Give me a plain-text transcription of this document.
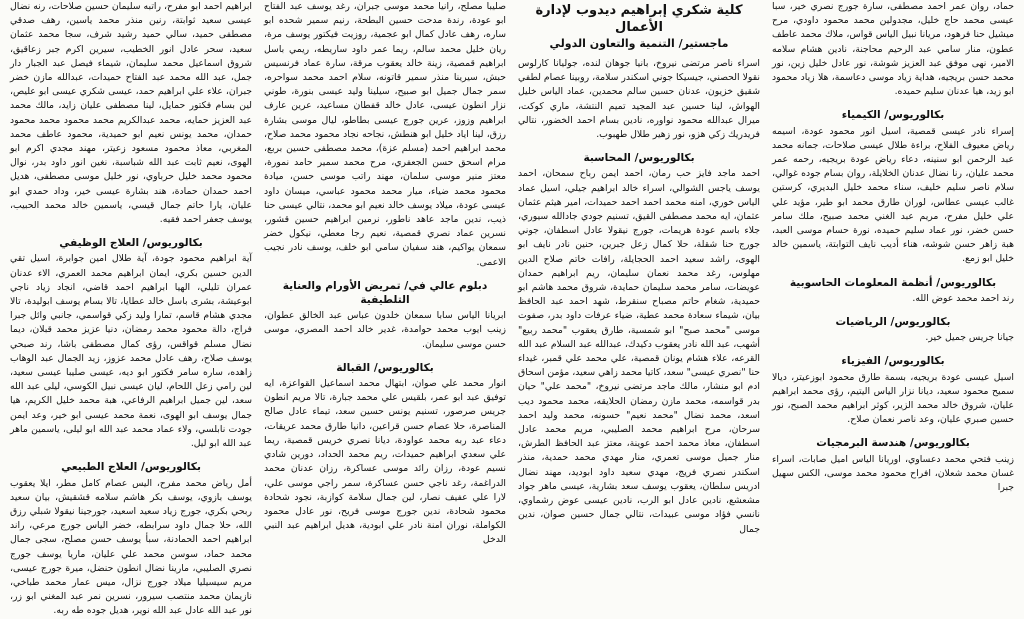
حماد، روان عمر احمد مصطفى، سارة جورج نصري خير، سبا عيسى محمد حاج خليل، مجدولين محمد محمود داودي، مرح ميشيل حنا فرهود، مريانا نبيل الياس قواس، ملاك محمد عاطف عطون، منار سامي عبد الرحيم محاجنة، نادين هشام سلامه الامير، نهى موفق عبد العزيز شوشة، نور عادل خليل زين، نور محمد حسن بريجيه، هداية زياد موسى دعاسمة، هلا زياد محمود ابو زيد، هيا عدنان سليم حميده.
بكالوريوس/ الكيمياء
إسراء نادر عيسى قمصية، اسيل انور محمود عودة، اسيمه رياض معيوف الفلاح، براءة طلال عيسى صلاحات، جمانه محمد عبد الرحمن ابو سنينه، دعاء رياض عودة بريجيه، رحمه عمر محمد عليان، رنا نضال عدنان الخلايلة، روان بسام جوده غوالي، سلام ناصر سليم خليف، سناء محمد خليل البديري، كرستين غالب عيسى عطاس، لوران طارق محمد ابو طير، مؤيد علي علي خليل مفرح، مريم عبد الغني محمد صبيح، ملك سامر حسن خضر، نور عماد سليم حميده، نورة حسام موسى العبد، هبة زاهر حسن شوشه، هناء أديب نايف التوابتة، ياسمين خالد خليل ابو زمع.
بكالوريوس/ أنظمة المعلومات الحاسوبية
رند احمد محمد عوض الله.
بكالوريوس/ الرياضيات
جيانا جريس جميل خير.
بكالوريوس/ الفيزياء
اسيل عيسى عودة بريجيه، بسمة طارق محمود ابوزعيتر، ديالا سميح محمود سعيد، ديانا نزار الياس اليتيم، رؤى محمد ابراهيم عليان، شروق خالد محمد الزير، كوثر ابراهيم محمد الصبح، نور حسين صبري عليان، وعد ناصر نعمان صلاح.
بكالوريوس/ هندسة البرمجيات
زينب فتحي محمد دعساوي، اوريانا الياس اميل صابات، اسراء غسان محمد شعلان، افراح محمود محمد موسى، الكس سهيل جبرا
كلية شكري إبراهيم ديدوب لإدارة الأعمال
ماجستير/ التنمية والتعاون الدولي
اسراء ناصر مرتضى نيروخ، بانيا جوهان لنده، جوليانا كارلوس نقولا الحصني، جيسيكا جوني اسكندر سلامة، روبينا عصام لطفي شقيق خزيون، عدنان حسين سالم محمدين، عماد الياس خليل الهواش، لينا حسين عبد المجيد تميم النتشة، ماري كوكت، ميرال عبدالله محمود نواوره، نادين بسام احمد الخضور، نتالي فريدريك زكي هزو، نور زهير طلال طهبوب.
بكالوريوس/ المحاسبة
احمد ماجد فايز حب رمان، احمد ايمن رباح سمحان، احمد يوسف ياجس الشوالي، اسراء خالد ابراهيم جيلي، اسيل عماد الياس خوري، امنه محمد احمد احمد حميدات، امير هيثم عثمان عثمان، ايه محمد مصطفى القيق، تسنيم جودي جادالله سيوري، جلاء باسم عودة هريمات، جورج نيقولا عادل اسطفان، جوني جورج حنا شقلة، حلا كمال زعل جبرين، حنين نادر نايف ابو الهوى، راشد سعيد احمد الحجايلة، رافات خاتم صلاح الدين مهلوس، رغد محمد نعمان سليمان، ريم ابراهيم حمدان عويضات، سامر محمد سليمان حمايدة، شروق محمد هاشم ابو حميدية، شغام حاتم مصباح سنقرط، شهد احمد عبد الحافظ بيان، شيماء سعادة محمد عطية، ضياء عرفات داود بدر، صفوت موسى "محمد صبح" ابو شمسية، طارق يعقوب "محمد ربيع" أشهب، عبد الله نادر يعقوب دكيدك، عبدالله عبد السلام عبد الله القرعه، علاء هشام يونان قمصية، علي محمد علي قمبر، غيداء حنا "نصري عيسى" سعد، كاتيا محمد زاهي سعيد، مؤمن اسحاق ادم ابو منشار، مالك ماجد مرتضى نيروخ، "محمد علي" حيان بدر قواسمه، محمد مازن رمضان الحلايقه، محمد محمود ديب اسعد، محمد نضال "محمد نعيم" حسونه، محمد وليد احمد سرحان، مرح ابراهيم محمد الصليبي، مريم محمد عادل اسطفان، معاذ محمد احمد عوينة، معتز عبد الحافظ الطرش، منار جميل موسى تعمري، منار مهدي محمد حمدية، منذر اسكندر نصري فريج، مهدي سعيد داود ابوديد، مهند نضال ادريس سلطان، يعقوب يوسف سعد بشارية، عيسى ماهر جواد مشعشع، نادين عادل ابو الرب، نادين عيسى عوض رشماوي، نانسي فؤاد موسى عبيدات، نتالي جمال حسين صوان، ندين جمال
صليبا مصلح، رانيا محمد موسى جبران، رغد يوسف عبد الفتاح ابو عودة، رندة مدحت حسين البطحة، رنيم سمير شحده ابو ساره، رهف عادل كمال ابو عجمية، روزيت فيكتور يوسف مرة، ريان خليل محمد سالم، ريما عمر داود ساريطه، ريمي باسل ابراهيم قمصية، زينة خالد يعقوب مرقة، سارة عماد فرنسيس حبش، سيرينا منذر سمير قاتونه، سلام احمد محمد سواحره، سمر جمال جميل ابو صبيح، سيلينا وليد عيسى بنورة، طوني نزار انطون عيسى، عادل خالد قفطان مساعيد، عرين عارف ابراهيم وزوز، عرين جورج عيسى بطاطو، ليال موسى بشارة رزق، لينا اياد خليل ابو هنطش، نجاحه نجاد محمود محمد صلاح، محمد ابراهيم احمد (مسلم عزة)، محمد مصطفى حسين بربع، مرام اسحق حسن الجعفري، مرح محمد سمير حامد نمورة، معتز منير موسى سلمان، مهند راتب موسى حسن، ميادة محمود محمد ضياء، ميار محمد محمود عباسي، ميسان داود عيسى عودة، ميلاد يوسف خالد نعيم ابو محمد، نتالي عيسى حنا ذيب، ندين ماجد عاهد ناطور، نرمين ابراهيم حسين قشور، نسرين عماد نصري قمصية، نعيم رجا معطي، نيكول خضر سمعان يواكيم، هند سفيان سامي ابو خلف، يوسف نادر نجيب الاعمى.
دبلوم عالي في/ تمريض الأورام والعناية التلطيفية
ابريانا الياس سابا سمعان خلدون عباس عبد الخالق عطوان، زينب ايوب محمد حوامدة، غدير خالد احمد المصري، موسى حسن موسى سليمان.
بكالوريوس/ القبالة
انوار محمد علي صوان، ابتهال محمد اسماعيل القواعزة، ايه توفيق عبد ابو عمر، بلقيس علي محمد جبارة، تالا مريم انطون جريس صرصور، تسنيم يونس حسين سعد، تيماء عادل صالح المناصرة، حلا عصام حسن قراعين، دانيا طارق محمد عريقات، دعاء عبد ربه محمد عواودة، ديانا نصري خريس قمصية، ريما علي سعدي ابراهيم حميدات، ريم محمد الحداد، دورين شادي نسيم عودة، رزان رائد موسى عساكرة، رزان عدنان محمد الدراغمة، رغد ناجي حسن عساكرة، سمر راجي موسى علي، لارا علي عفيف نصار، لين جمال سلامة كوازبة، نجود شحادة محمود شحادة، ندين جورج موسى فريح، نور عادل محمود الكواملة، نوران امنة نادر علي ابودية، هديل ابراهيم عبد النبي الدخل
ابراهيم احمد ابو مفرح، راتبه سليمان حسين صلاحات، رنه نضال عيسى سعيد ثوابتة، رنين منذر محمد ياسين، رهف صدقي مصطفى حميد، سالي حميد رشيد شرف، سجا محمد عثمان سعيد، سحر عادل انور الخطيب، سيرين اكرم جبر زعاقيق، شروق اسماعيل محمد سليمان، شيماء فيصل عبد الجبار دار جمل، عبد الله محمد عبد الفتاح حميدات، عبدالله مازن خضر جبران، علاء علي ابراهيم حمد، عيسى شكري عيسى ابو عليص، لين بسام فكتور حمايل، لينا مصطفى عليان زايد، مالك محمد عبد العزيز حمايه، محمد عبدالكريم محمد محمود محمد محمود حمدان، محمد يونس نعيم ابو حميدية، محمود عاطف محمد المغربي، معاذ محمود مسعود زعيتر، مهند مجدي اكرم ابو الهوى، نعيم ثابت عبد الله شباسبة، نغين انور داود بدر، نوال محمود محمد خليل حرباوي، نور خليل موسى مصطفى، هديل احمد حمدان حمادة، هند بشارة عيسى خير، وداد حمدي ابو عليان، يارا حاتم جمال قيسي، ياسمين خالد محمد الحبيب، يوسف جعفر احمد فقيه.
بكالوريوس/ العلاج الوظيفي
آية ابراهيم محمود جودة، آية طلال امين جوابرة، اسيل تقي الدين حسين بكري، ايمان ابراهيم محمد العمري، الاء عدنان عمران تليلي، الهيا ابراهيم احمد قاضي، انجاد زياد ناجي ابوعيشة، بشرى باسل خالد عطايا، تالا بسام يوسف ابوليدة، تالا مجدي هشام قاسم، تمارا وليد زكي قواسمي، جانبي وائل جبرا فراج، دالة محمود محمد رمضان، دنيا عزيز محمد قبلان، ديما نضال مسلم قواقس، رؤى كمال مصطفى باشا، رند صبحي يوسف صلاح، رهف عادل محمد عزوز، زيد الجمال عبد الوهاب زاهده، ساره سامر فكتور ابو ديه، عيسى صليبا عيسى سعيد، لين رامي زعل اللحام، ليان عيسى نبيل الكوسي، ليلى عبد الله سعد، لين جميل ابراهيم الرفاعي، هبة محمد خليل الكريم، هيا جمال يوسف ابو الهوى، نعمة محمد عيسى ابو خير، وعد ايمن جودت نابلسي، ولاء عماد محمد عبد الله ابو ليلى، ياسمين ماهر عبد الله ابو ليل.
بكالوريوس/ العلاج الطبيعي
أمل رياض محمد مفرح، اليس عصام كامل مطر، ايلا يعقوب يوسف بازوي، يوسف بكر هاشم سلامه قشقيش، بيان سعيد ربحي بكري، جورج زياد سعيد اسعيد، جورجينا نيقولا شبلي رزق الله، حلا جمال داود سرابطه، خضر الياس جورج مرعي، راند ابراهيم احمد الحمادنة، سبأ يوسف حسن مصلح، سجى جمال محمد حماد، سوسن محمد علي عليان، ماريا يوسف جورج نصري الصليبي، مارينا نضال انطون حنضل، ميرة جورج عيسى، مريم سيسيليا ميلاد جورج نزال، ميس عمار محمد طباخي، نازيمان محمد منتصب سيرور، نسرين نمر عبد المغني ابو زر، نور عبد الله عادل عبد الله نوير، هديل جوده طه ربه.
